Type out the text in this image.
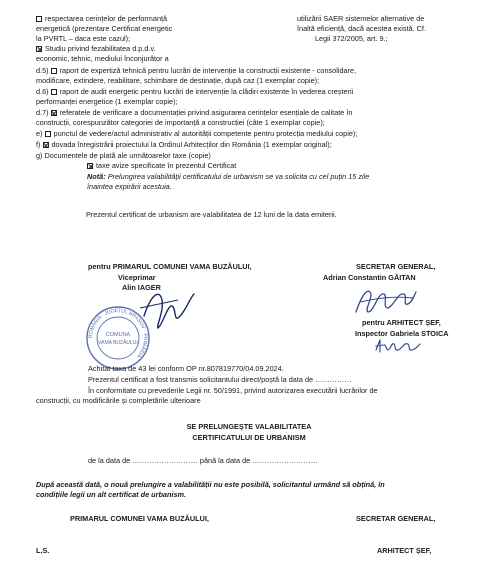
respectarea cerințelor de performanță
energetică (prezentare Certificat energetic
la PVRTL – daca este cazul);
Studiu privind fezabilitatea d.p.d.v.
economic, tehnic, mediului înconjurător a
utilizării SAER sistemelor alternative de
înaltă eficiență, dacă acestea există. Cf.
Legii 372/2005, art. 9.;
d.5) raport de expertiză tehnică pentru lucrări de intervenție la construcții existente - consolidare,
modificare, extindere, reabilitare, schimbare de destinație, după caz (1 exemplar copie);
d.6) raport de audit energetic pentru lucrări de intervenție la clădiri existente în vederea creșterii
performanței energetice (1 exemplar copie);
d.7) referatele de verificare a documentației privind asigurarea cerințelor esențiale de calitate în
construcții, corespunzător categoriei de importanță a construcției (câte 1 exemplar copie);
e) punctul de vedere/actul administrativ al autorității competente pentru protecția mediului copie);
f) dovada înregistrării proiectului la Ordinul Arhitecților din România (1 exemplar original);
g) Documentele de plată ale următoarelor taxe (copie)
taxe avize specificate în prezentul Certificat
Notă: Prelungirea valabilității certificatului de urbanism se va solicita cu cel puțin 15 zile
înaintea expirării acestuia.
Prezentul certificat de urbanism are valabilitatea de 12 luni de la data emiterii.
pentru PRIMARUL COMUNEI VAMA BUZĂULUI,
Viceprimar
Alin IAGER
ROMÂNIA · JUDEȚUL BRAȘOV · PRIMĂRIA
COMUNA
VAMA BUZĂULUI
SECRETAR GENERAL,
Adrian Constantin GĂITAN
pentru ARHITECT ȘEF,
Inspector Gabriela STOICA
Achitat taxa de 43 lei conform OP nr.807819770/04.09.2024.
Prezentul certificat a fost transmis solicitantului direct/poștă la data de ……………
În conformitate cu prevederile Legii nr. 50/1991, privind autorizarea executării lucrărilor de
construcții, cu modificările și completările ulterioare
SE PRELUNGEȘTE VALABILITATEA
CERTIFICATULUI DE URBANISM
de la data de ……………………… până la data de ………………………
După această dată, o nouă prelungire a valabilității nu este posibilă, solicitantul urmând să obțină, în
condițiile legii un alt certificat de urbanism.
PRIMARUL COMUNEI VAMA BUZĂULUI,	SECRETAR GENERAL,
L.S.	ARHITECT ȘEF,
